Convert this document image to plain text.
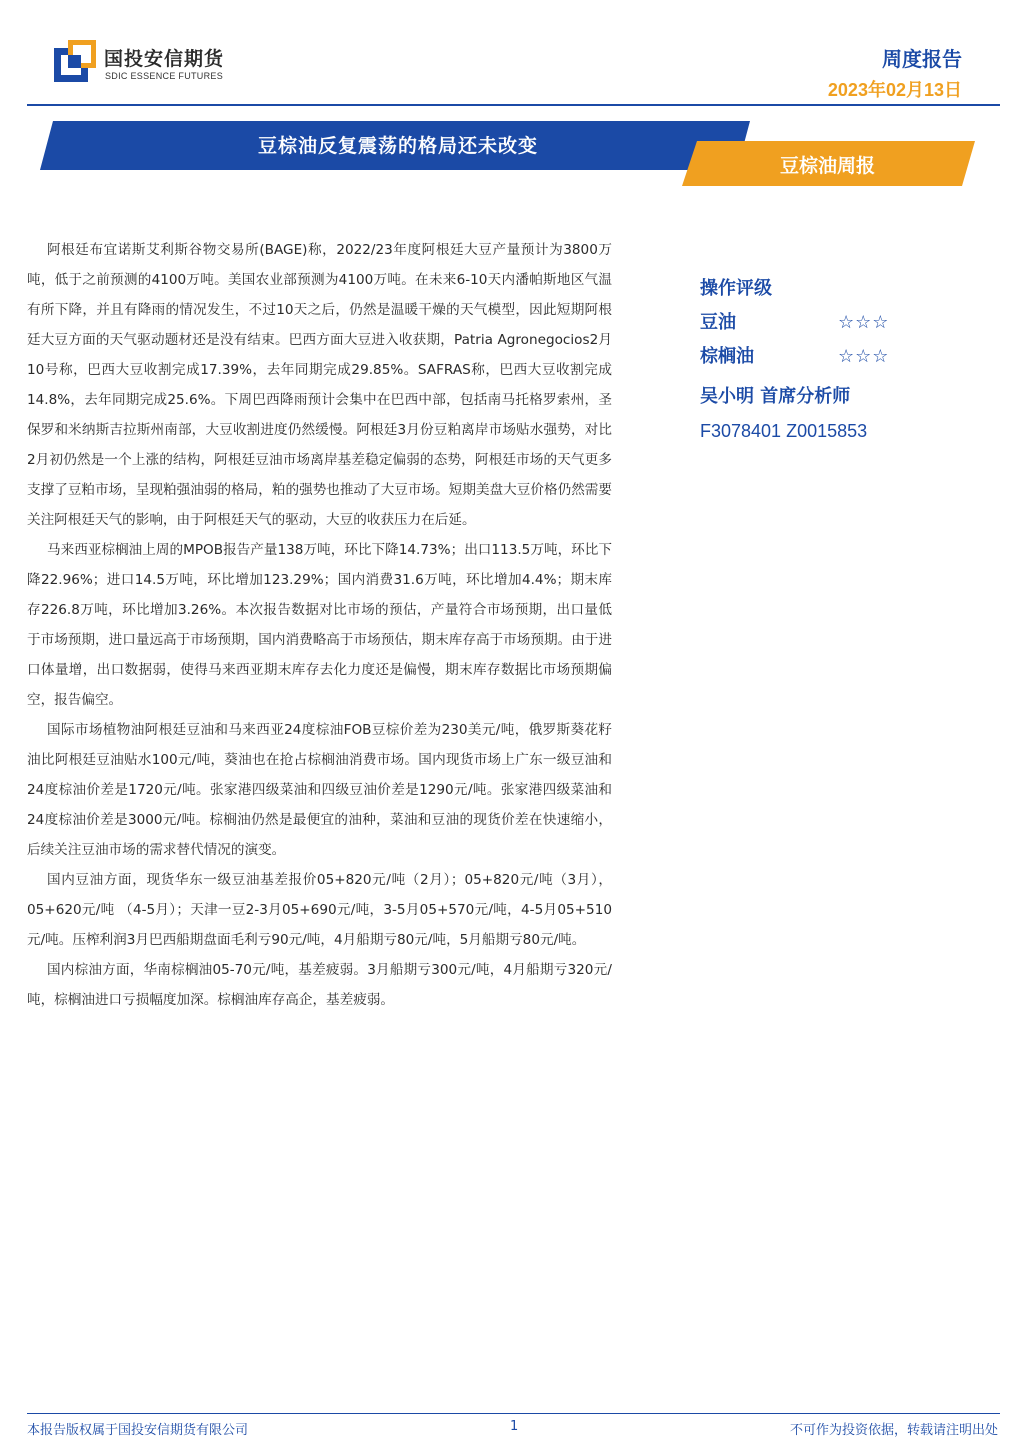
国投安信期货
SDIC ESSENCE FUTURES
周度报告
2023年02月13日
豆棕油反复震荡的格局还未改变
豆棕油周报

阿根廷布宜诺斯艾利斯谷物交易所(BAGE)称，2022/23年度阿根廷大豆产量预计为3800万吨，低于之前预测的4100万吨。美国农业部预测为4100万吨。在未来6-10天内潘帕斯地区气温有所下降，并且有降雨的情况发生，不过10天之后，仍然是温暖干燥的天气模型，因此短期阿根廷大豆方面的天气驱动题材还是没有结束。巴西方面大豆进入收获期，Patria Agronegocios2月10号称，巴西大豆收割完成17.39%，去年同期完成29.85%。SAFRAS称，巴西大豆收割完成14.8%，去年同期完成25.6%。下周巴西降雨预计会集中在巴西中部，包括南马托格罗索州，圣保罗和米纳斯吉拉斯州南部，大豆收割进度仍然缓慢。阿根廷3月份豆粕离岸市场贴水强势，对比2月初仍然是一个上涨的结构，阿根廷豆油市场离岸基差稳定偏弱的态势，阿根廷市场的天气更多支撑了豆粕市场，呈现粕强油弱的格局，粕的强势也推动了大豆市场。短期美盘大豆价格仍然需要关注阿根廷天气的影响，由于阿根廷天气的驱动，大豆的收获压力在后延。

马来西亚棕榈油上周的MPOB报告产量138万吨，环比下降14.73%；出口113.5万吨，环比下降22.96%；进口14.5万吨，环比增加123.29%；国内消费31.6万吨，环比增加4.4%；期末库存226.8万吨，环比增加3.26%。本次报告数据对比市场的预估，产量符合市场预期，出口量低于市场预期，进口量远高于市场预期，国内消费略高于市场预估，期末库存高于市场预期。由于进口体量增，出口数据弱，使得马来西亚期末库存去化力度还是偏慢，期末库存数据比市场预期偏空，报告偏空。

国际市场植物油阿根廷豆油和马来西亚24度棕油FOB豆棕价差为230美元/吨，俄罗斯葵花籽油比阿根廷豆油贴水100元/吨，葵油也在抢占棕榈油消费市场。国内现货市场上广东一级豆油和24度棕油价差是1720元/吨。张家港四级菜油和四级豆油价差是1290元/吨。张家港四级菜油和24度棕油价差是3000元/吨。棕榈油仍然是最便宜的油种，菜油和豆油的现货价差在快速缩小，后续关注豆油市场的需求替代情况的演变。

国内豆油方面，现货华东一级豆油基差报价05+820元/吨（2月）；05+820元/吨（3月）， 05+620元/吨 （4-5月）；天津一豆2-3月05+690元/吨，3-5月05+570元/吨，4-5月05+510元/吨。压榨利润3月巴西船期盘面毛利亏90元/吨，4月船期亏80元/吨，5月船期亏80元/吨。

国内棕油方面，华南棕榈油05-70元/吨，基差疲弱。3月船期亏300元/吨，4月船期亏320元/吨，棕榈油进口亏损幅度加深。棕榈油库存高企，基差疲弱。

操作评级
豆油	☆☆☆
棕榈油	☆☆☆
吴小明 首席分析师
F3078401 Z0015853
本报告版权属于国投安信期货有限公司	1	不可作为投资依据，转载请注明出处
